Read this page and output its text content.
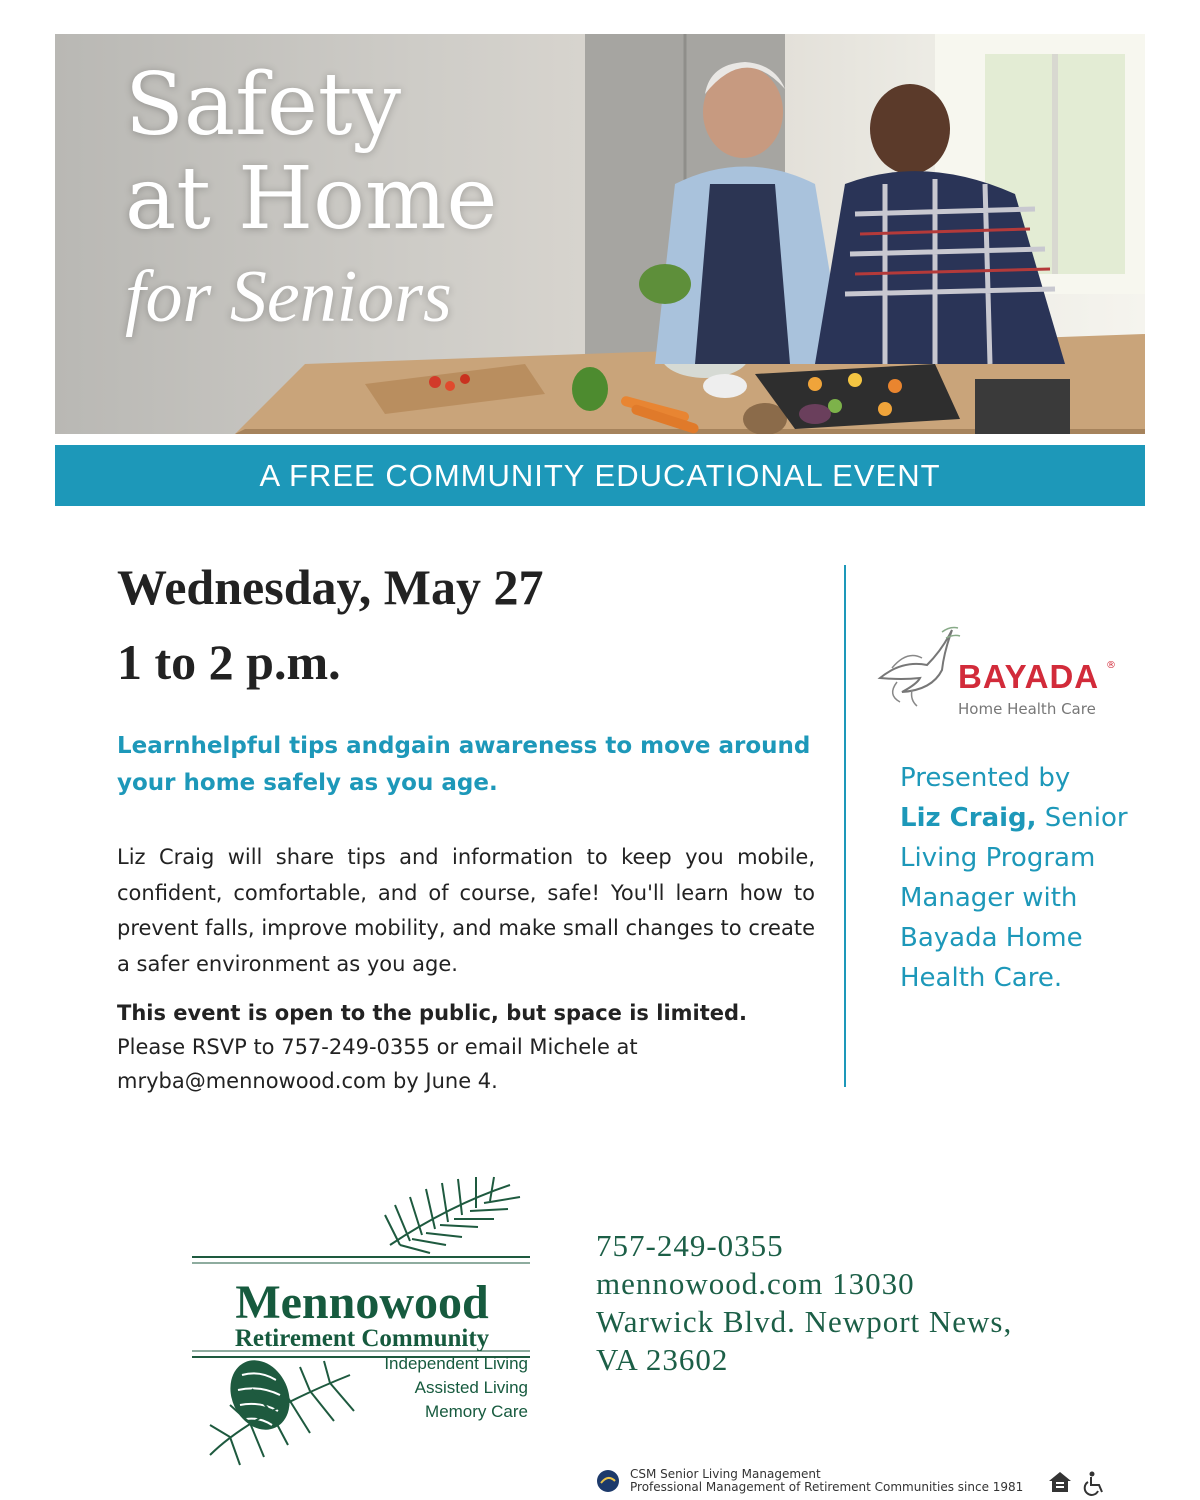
Safety
at Home
for Seniors
A FREE COMMUNITY EDUCATIONAL EVENT
Wednesday, May 27
1 to 2 p.m.
Learnhelpful tips andgain awareness to move around your home safely as you age.
Liz Craig will share tips and information to keep you mobile, confident, comfortable, and of course, safe! You'll learn how to prevent falls, improve mobility, and make small changes to create a safer environment as you age.
This event is open to the public, but space is limited.
Please RSVP to 757-249-0355 or email Michele at mryba@mennowood.com by June 4.
BAYADA ®
Home Health Care
Presented by
Liz Craig, Senior Living Program Manager with Bayada Home Health Care.
Mennowood
Retirement Community
Independent Living
Assisted Living
Memory Care
757-249-0355 mennowood.com 13030 Warwick Blvd. Newport News, VA 23602
CSM Senior Living Management
Professional Management of Retirement Communities since 1981
